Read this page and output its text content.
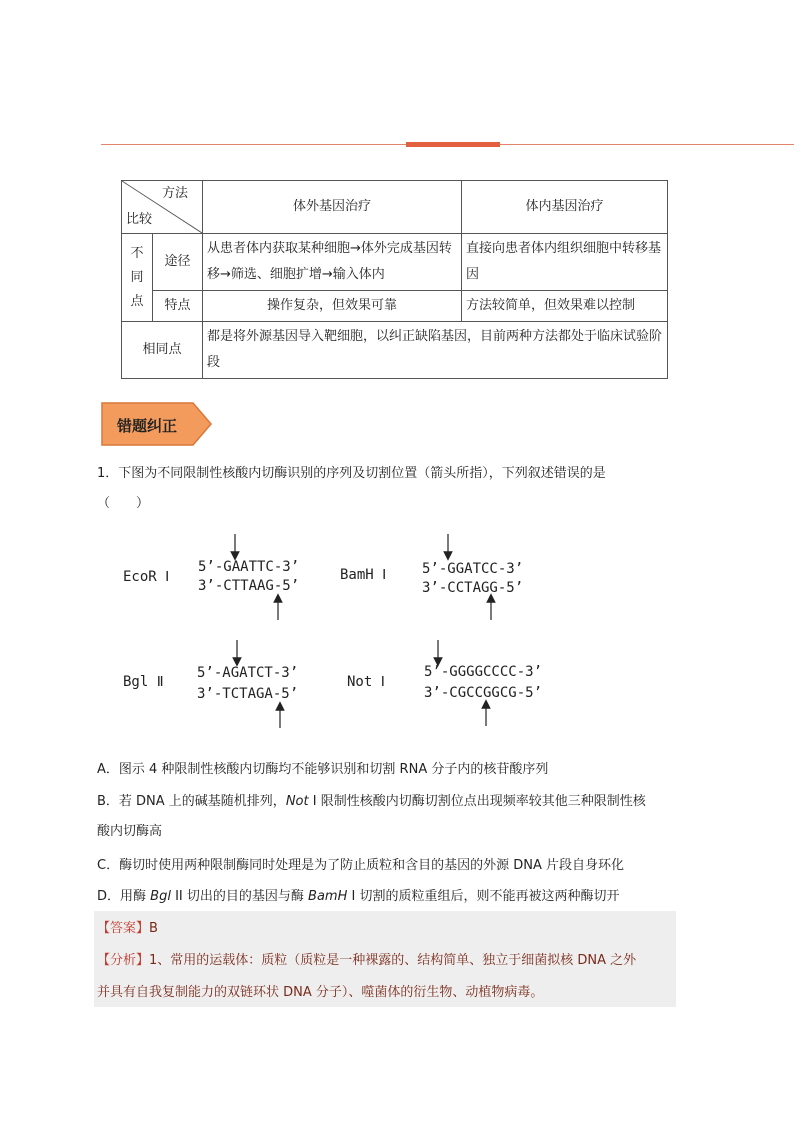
方法
比较		体外基因治疗	体内基因治疗
不
同
点	途径	从患者体内获取某种细胞→体外完成基因转移→筛选、细胞扩增→输入体内	直接向患者体内组织细胞中转移基因
	特点	操作复杂，但效果可靠	方法较简单，但效果难以控制
相同点		都是将外源基因导入靶细胞，以纠正缺陷基因，目前两种方法都处于临床试验阶段	
错题纠正
1．下图为不同限制性核酸内切酶识别的序列及切割位置（箭头所指），下列叙述错误的是
（　　）
EcoR Ⅰ
5’-GAATTC-3’
3’-CTTAAG-5’
BamH Ⅰ	5’-GGATCC-3’
3’-CCTAGG-5’
Bgl Ⅱ
5’-AGATCT-3’
3’-TCTAGA-5’
Not Ⅰ
5’-GGGGCCCC-3’
3’-CGCCGGCG-5’
A．图示 4 种限制性核酸内切酶均不能够识别和切割 RNA 分子内的核苷酸序列
B．若 DNA 上的碱基随机排列，Not I 限制性核酸内切酶切割位点出现频率较其他三种限制性核
酸内切酶高
C．酶切时使用两种限制酶同时处理是为了防止质粒和含目的基因的外源 DNA 片段自身环化
D．用酶 Bgl II 切出的目的基因与酶 BamH I 切割的质粒重组后，则不能再被这两种酶切开
【答案】B
【分析】1、常用的运载体：质粒（质粒是一种裸露的、结构简单、独立于细菌拟核 DNA 之外
并具有自我复制能力的双链环状 DNA 分子）、噬菌体的衍生物、动植物病毒。
